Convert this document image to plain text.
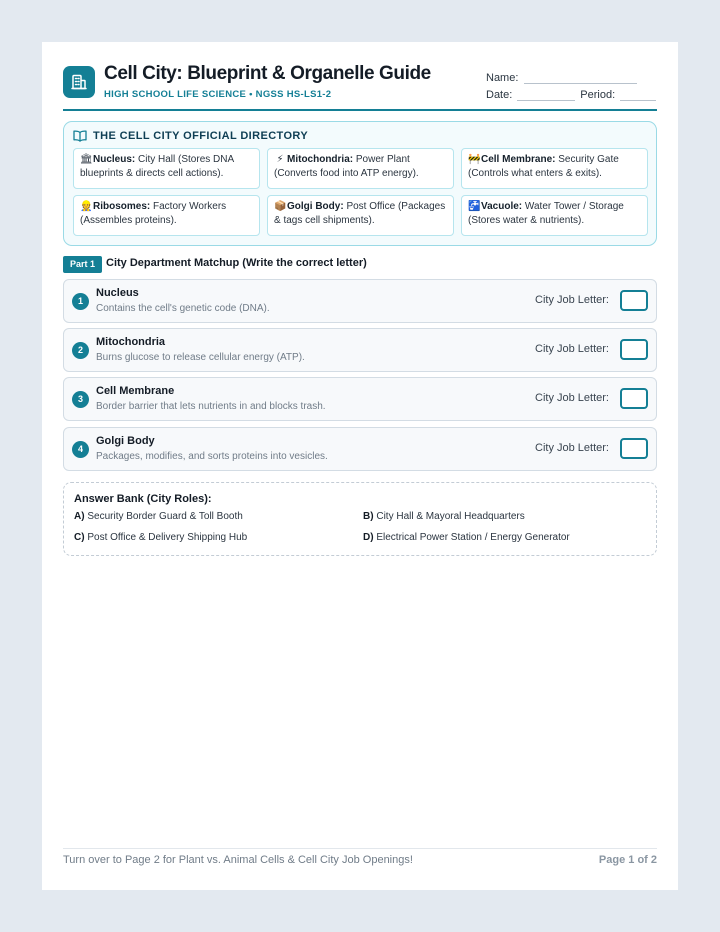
Cell City: Blueprint & Organelle Guide
HIGH SCHOOL LIFE SCIENCE • NGSS HS-LS1-2
Name:
Date:	Period:
THE CELL CITY OFFICIAL DIRECTORY
🏛Nucleus: City Hall (Stores DNA blueprints & directs cell actions).
⚡ Mitochondria: Power Plant (Converts food into ATP energy).
🚧Cell Membrane: Security Gate (Controls what enters & exits).
👷Ribosomes: Factory Workers (Assembles proteins).
📦Golgi Body: Post Office (Packages & tags cell shipments).
🚰Vacuole: Water Tower / Storage (Stores water & nutrients).
Part 1 City Department Matchup (Write the correct letter)
1
Nucleus
Contains the cell's genetic code (DNA).
City Job Letter:
2
Mitochondria
Burns glucose to release cellular energy (ATP).
City Job Letter:
3
Cell Membrane
Border barrier that lets nutrients in and blocks trash.
City Job Letter:
4
Golgi Body
Packages, modifies, and sorts proteins into vesicles.
City Job Letter:
Answer Bank (City Roles):
A) Security Border Guard & Toll Booth	B) City Hall & Mayoral Headquarters
C) Post Office & Delivery Shipping Hub	D) Electrical Power Station / Energy Generator
Turn over to Page 2 for Plant vs. Animal Cells & Cell City Job Openings!	Page 1 of 2
